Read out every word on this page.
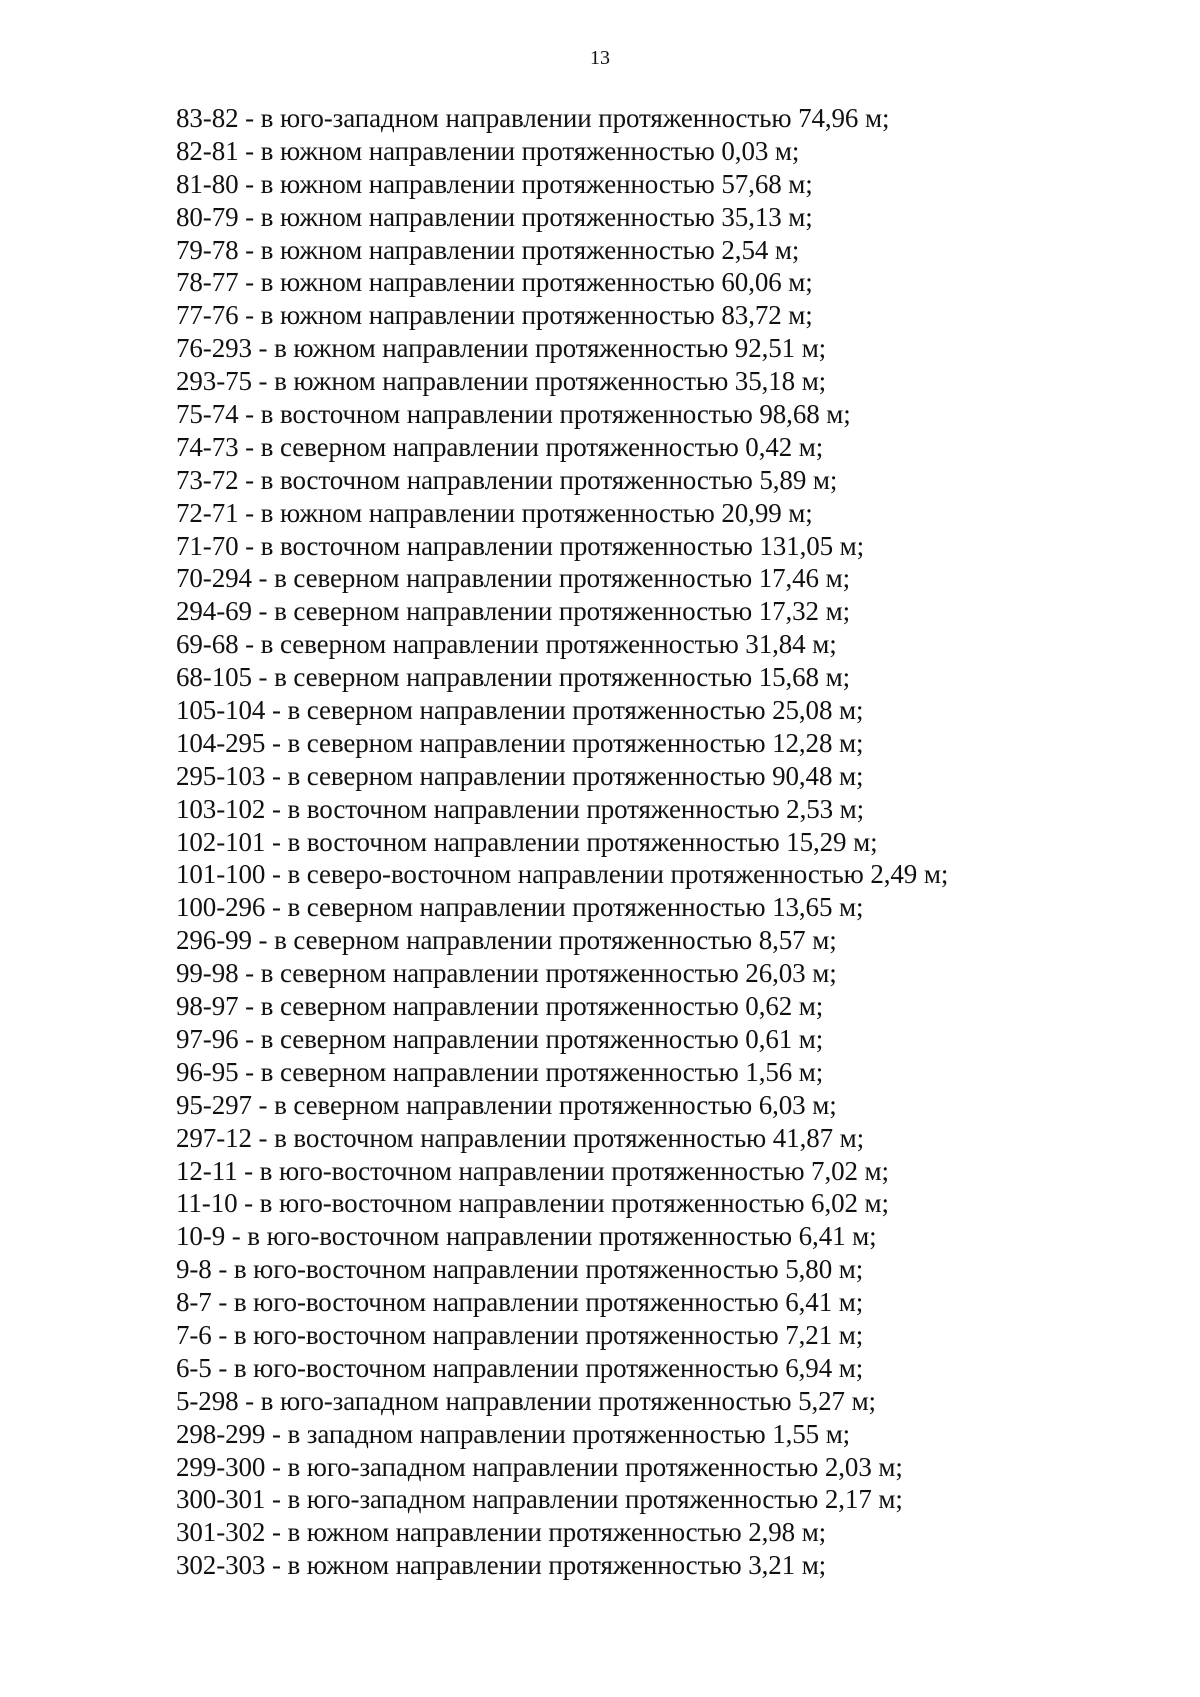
13
83-82 - в юго-западном направлении протяженностью 74,96 м;
82-81 - в южном направлении протяженностью 0,03 м;
81-80 - в южном направлении протяженностью 57,68 м;
80-79 - в южном направлении протяженностью 35,13 м;
79-78 - в южном направлении протяженностью 2,54 м;
78-77 - в южном направлении протяженностью 60,06 м;
77-76 - в южном направлении протяженностью 83,72 м;
76-293 - в южном направлении протяженностью 92,51 м;
293-75 - в южном направлении протяженностью 35,18 м;
75-74 - в восточном направлении протяженностью 98,68 м;
74-73 - в северном направлении протяженностью 0,42 м;
73-72 - в восточном направлении протяженностью 5,89 м;
72-71 - в южном направлении протяженностью 20,99 м;
71-70 - в восточном направлении протяженностью 131,05 м;
70-294 - в северном направлении протяженностью 17,46 м;
294-69 - в северном направлении протяженностью 17,32 м;
69-68 - в северном направлении протяженностью 31,84 м;
68-105 - в северном направлении протяженностью 15,68 м;
105-104 - в северном направлении протяженностью 25,08 м;
104-295 - в северном направлении протяженностью 12,28 м;
295-103 - в северном направлении протяженностью 90,48 м;
103-102 - в восточном направлении протяженностью 2,53 м;
102-101 - в восточном направлении протяженностью 15,29 м;
101-100 - в северо-восточном направлении протяженностью 2,49 м;
100-296 - в северном направлении протяженностью 13,65 м;
296-99 - в северном направлении протяженностью 8,57 м;
99-98 - в северном направлении протяженностью 26,03 м;
98-97 - в северном направлении протяженностью 0,62 м;
97-96 - в северном направлении протяженностью 0,61 м;
96-95 - в северном направлении протяженностью 1,56 м;
95-297 - в северном направлении протяженностью 6,03 м;
297-12 - в восточном направлении протяженностью 41,87 м;
12-11 - в юго-восточном направлении протяженностью 7,02 м;
11-10 - в юго-восточном направлении протяженностью 6,02 м;
10-9 - в юго-восточном направлении протяженностью 6,41 м;
9-8 - в юго-восточном направлении протяженностью 5,80 м;
8-7 - в юго-восточном направлении протяженностью 6,41 м;
7-6 - в юго-восточном направлении протяженностью 7,21 м;
6-5 - в юго-восточном направлении протяженностью 6,94 м;
5-298 - в юго-западном направлении протяженностью 5,27 м;
298-299 - в западном направлении протяженностью 1,55 м;
299-300 - в юго-западном направлении протяженностью 2,03 м;
300-301 - в юго-западном направлении протяженностью 2,17 м;
301-302 - в южном направлении протяженностью 2,98 м;
302-303 - в южном направлении протяженностью 3,21 м;
